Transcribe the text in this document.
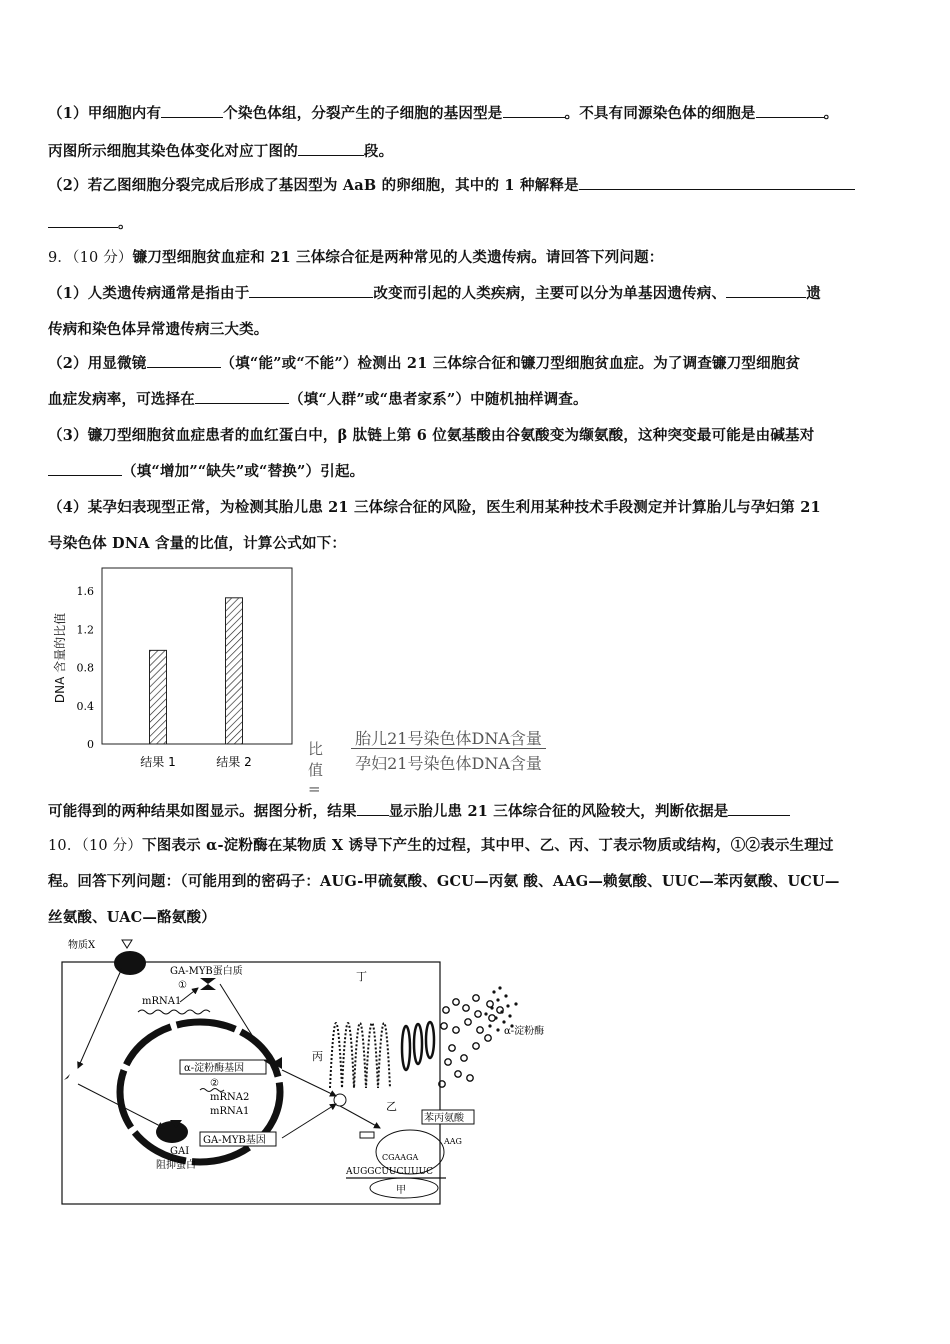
（1）甲细胞内有	个染色体组，分裂产生的子细胞的基因型是	。不具有同源染色体的细胞是	。
丙图所示细胞其染色体变化对应丁图的	段。
（2）若乙图细胞分裂完成后形成了基因型为 AaB 的卵细胞，其中的 1 种解释是
。
9．（10 分）镰刀型细胞贫血症和 21 三体综合征是两种常见的人类遗传病。请回答下列问题：
（1）人类遗传病通常是指由于	改变而引起的人类疾病，主要可以分为单基因遗传病、	遗
传病和染色体异常遗传病三大类。
（2）用显微镜	（填“能”或“不能”）检测出 21 三体综合征和镰刀型细胞贫血症。为了调查镰刀型细胞贫
血症发病率，可选择在	（填“人群”或“患者家系”）中随机抽样调查。
（3）镰刀型细胞贫血症患者的血红蛋白中，β 肽链上第 6 位氨基酸由谷氨酸变为缬氨酸，这种突变最可能是由碱基对
（填“增加”“缺失”或“替换”）引起。
（4）某孕妇表现型正常，为检测其胎儿患 21 三体综合征的风险，医生利用某种技术手段测定并计算胎儿与孕妇第 21
号染色体 DNA 含量的比值，计算公式如下：
0
0.4
0.8
1.2
1.6
结果 1	结果 2
DNA 含量的比值
比值=
胎儿21号染色体DNA含量
孕妇21号染色体DNA含量
可能得到的两种结果如图显示。据图分析，结果 显示胎儿患 21 三体综合征的风险较大，判断依据是
10．（10 分）下图表示 α-淀粉酶在某物质 X 诱导下产生的过程，其中甲、乙、丙、丁表示物质或结构，①②表示生理过
程。回答下列问题：（可能用到的密码子：AUG-甲硫氨酸、GCU—丙氨 酸、AAG—赖氨酸、UUC—苯丙氨酸、UCU—
丝氨酸、UAC—酪氨酸）
物质X
GA-MYB蛋白质
①
mRNA1
丁
α-淀粉酶基因
②
mRNA2
mRNA1
GA-MYB基因
GAI
阻抑蛋白
丙
α-淀粉酶
乙
苯丙氨酸
CGAAGA
AAG
AUGGCUUCUUUC
甲
